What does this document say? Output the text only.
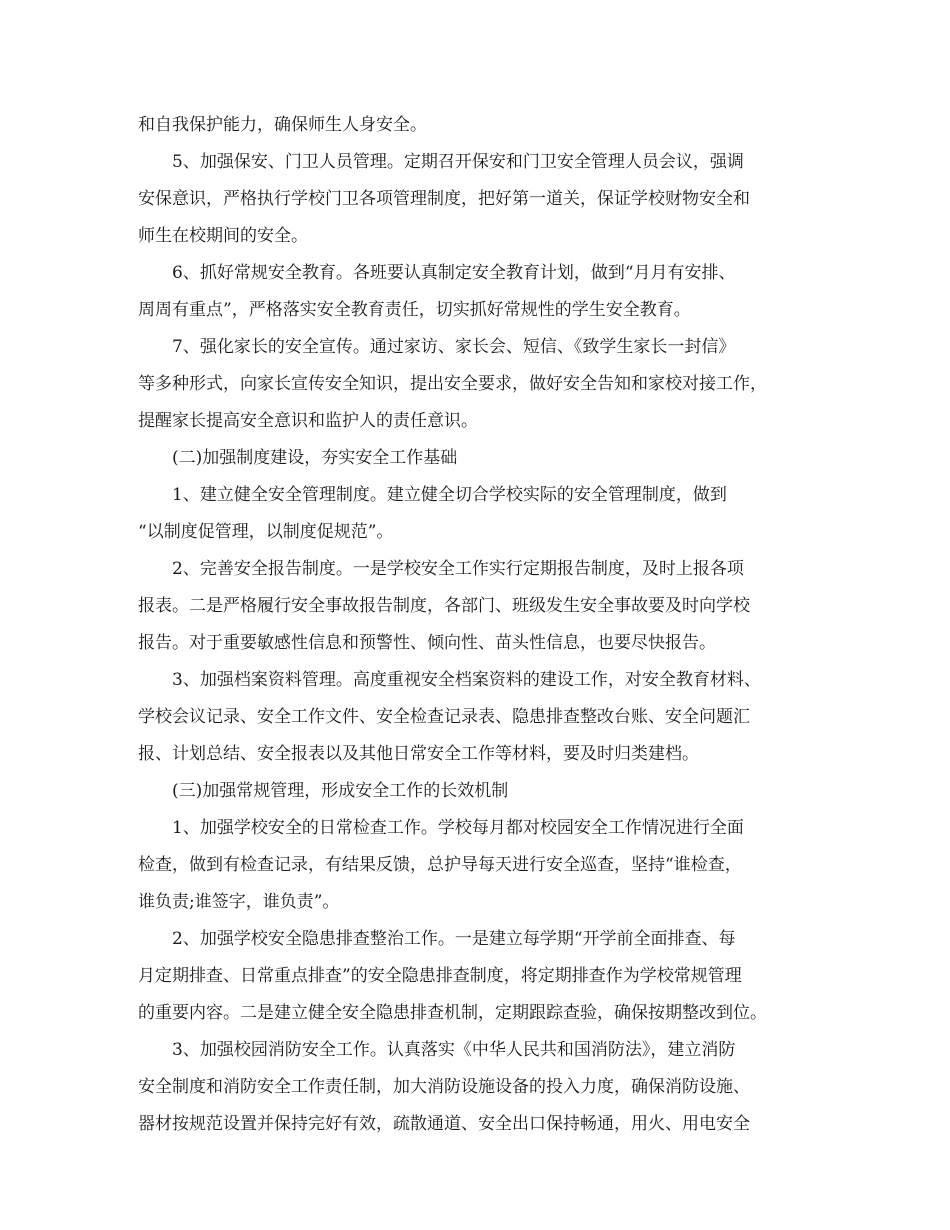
和自我保护能力，确保师生人身安全。

5、加强保安、门卫人员管理。定期召开保安和门卫安全管理人员会议，强调

安保意识，严格执行学校门卫各项管理制度，把好第一道关，保证学校财物安全和

师生在校期间的安全。

6、抓好常规安全教育。各班要认真制定安全教育计划，做到“月月有安排、

周周有重点”，严格落实安全教育责任，切实抓好常规性的学生安全教育。

7、强化家长的安全宣传。通过家访、家长会、短信、《致学生家长一封信》

等多种形式，向家长宣传安全知识，提出安全要求，做好安全告知和家校对接工作，

提醒家长提高安全意识和监护人的责任意识。

(二)加强制度建设，夯实安全工作基础

1、建立健全安全管理制度。建立健全切合学校实际的安全管理制度，做到

“以制度促管理，以制度促规范”。

2、完善安全报告制度。一是学校安全工作实行定期报告制度，及时上报各项

报表。二是严格履行安全事故报告制度，各部门、班级发生安全事故要及时向学校

报告。对于重要敏感性信息和预警性、倾向性、苗头性信息，也要尽快报告。

3、加强档案资料管理。高度重视安全档案资料的建设工作，对安全教育材料、

学校会议记录、安全工作文件、安全检查记录表、隐患排查整改台账、安全问题汇

报、计划总结、安全报表以及其他日常安全工作等材料，要及时归类建档。

(三)加强常规管理，形成安全工作的长效机制

1、加强学校安全的日常检查工作。学校每月都对校园安全工作情况进行全面

检查，做到有检查记录，有结果反馈，总护导每天进行安全巡查，坚持“谁检查，

谁负责;谁签字，谁负责”。

2、加强学校安全隐患排查整治工作。一是建立每学期“开学前全面排查、每

月定期排查、日常重点排查”的安全隐患排查制度，将定期排查作为学校常规管理

的重要内容。二是建立健全安全隐患排查机制，定期跟踪查验，确保按期整改到位。

3、加强校园消防安全工作。认真落实《中华人民共和国消防法》，建立消防

安全制度和消防安全工作责任制，加大消防设施设备的投入力度，确保消防设施、

器材按规范设置并保持完好有效，疏散通道、安全出口保持畅通，用火、用电安全
